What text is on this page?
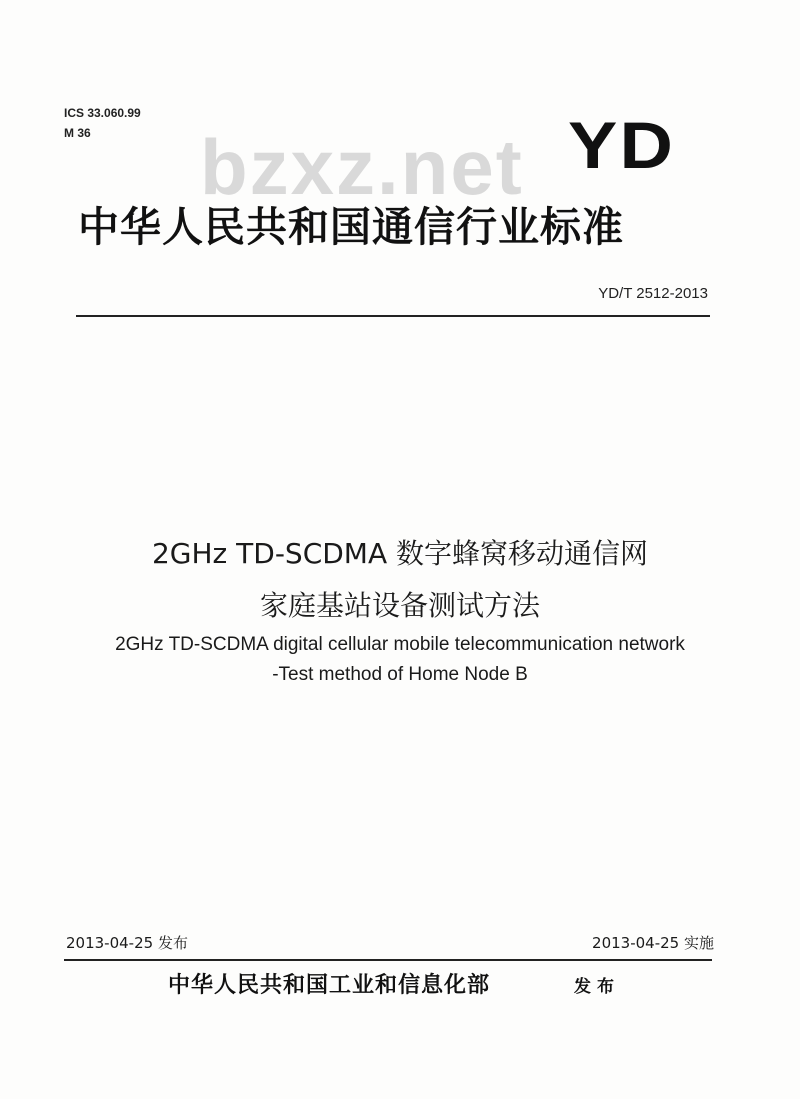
ICS 33.060.99
M 36 bzxz.net YD
中华人民共和国通信行业标准
YD/T 2512-2013
2GHz TD-SCDMA 数字蜂窝移动通信网
家庭基站设备测试方法
2GHz TD-SCDMA digital cellular mobile telecommunication network
-Test method of Home Node B
2013-04-25 发布	2013-04-25 实施
中华人民共和国工业和信息化部	发布
